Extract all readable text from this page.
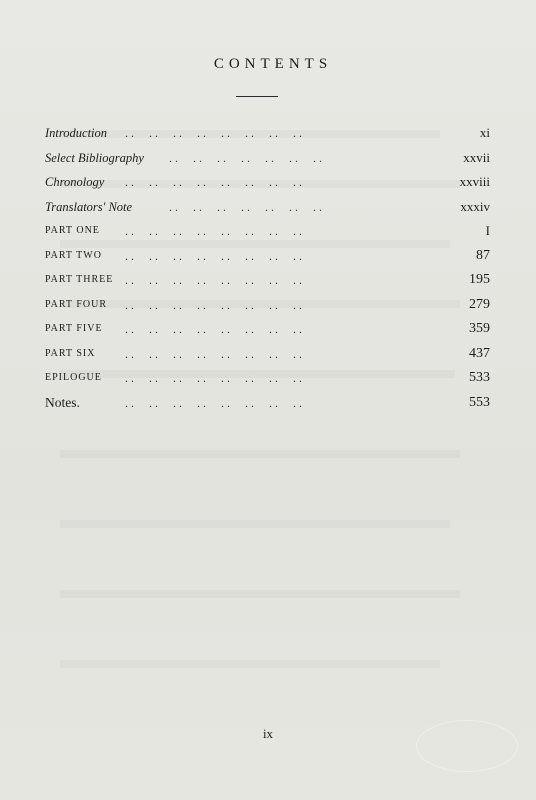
CONTENTS
. .     . .     . .     . .     . .     . .     . .     . .
Introduction	xi
. .     . .     . .     . .     . .     . .     . .
Select Bibliography	xxvii
. .     . .     . .     . .     . .     . .     . .     . .
Chronology	xxviii
. .     . .     . .     . .     . .     . .     . .
Translators' Note	xxxiv
. .     . .     . .     . .     . .     . .     . .     . .
PART ONE	I
. .     . .     . .     . .     . .     . .     . .     . .
PART TWO	87
. .     . .     . .     . .     . .     . .     . .     . .
PART THREE	195
. .     . .     . .     . .     . .     . .     . .     . .
PART FOUR	279
. .     . .     . .     . .     . .     . .     . .     . .
PART FIVE	359
. .     . .     . .     . .     . .     . .     . .     . .
PART SIX	437
. .     . .     . .     . .     . .     . .     . .     . .
EPILOGUE	533
. .     . .     . .     . .     . .     . .     . .     . .
Notes.	553
ix
